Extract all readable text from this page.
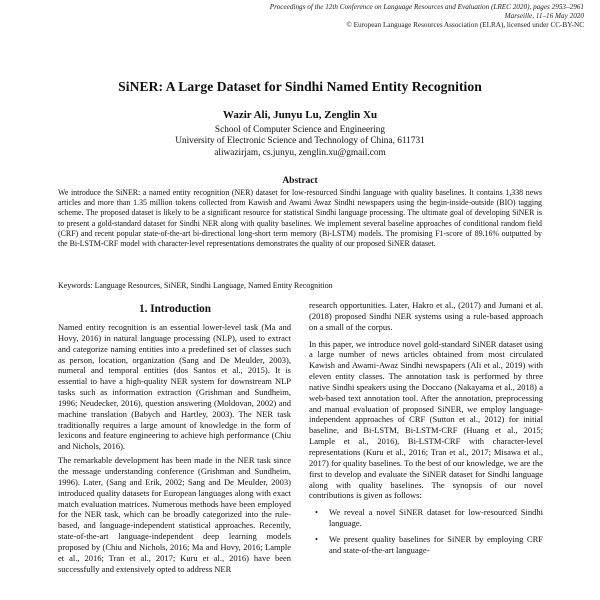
Proceedings of the 12th Conference on Language Resources and Evaluation (LREC 2020), pages 2953–2961
Marseille, 11–16 May 2020
© European Language Resources Association (ELRA), licensed under CC-BY-NC
SiNER: A Large Dataset for Sindhi Named Entity Recognition
Wazir Ali, Junyu Lu, Zenglin Xu
School of Computer Science and Engineering
University of Electronic Science and Technology of China, 611731
aliwazirjam, cs.junyu, zenglin.xu@gmail.com
Abstract
We introduce the SiNER: a named entity recognition (NER) dataset for low-resourced Sindhi language with quality baselines. It contains 1,338 news articles and more than 1.35 million tokens collected from Kawish and Awami Awaz Sindhi newspapers using the begin-inside-outside (BIO) tagging scheme. The proposed dataset is likely to be a significant resource for statistical Sindhi language processing. The ultimate goal of developing SiNER is to present a gold-standard dataset for Sindhi NER along with quality baselines. We implement several baseline approaches of conditional random field (CRF) and recent popular state-of-the-art bi-directional long-short term memory (Bi-LSTM) models. The promising F1-score of 89.16% outputted by the Bi-LSTM-CRF model with character-level representations demonstrates the quality of our proposed SiNER dataset.
Keywords: Language Resources, SiNER, Sindhi Language, Named Entity Recognition
1. Introduction

Named entity recognition is an essential lower-level task (Ma and Hovy, 2016) in natural language processing (NLP), used to extract and categorize naming entities into a predefined set of classes such as person, location, organization (Sang and De Meulder, 2003), numeral and temporal entities (dos Santos et al., 2015). It is essential to have a high-quality NER system for downstream NLP tasks such as information extraction (Grishman and Sundheim, 1996; Neudecker, 2016), question answering (Moldovan, 2002) and machine translation (Babych and Hartley, 2003). The NER task traditionally requires a large amount of knowledge in the form of lexicons and feature engineering to achieve high performance (Chiu and Nichols, 2016).

The remarkable development has been made in the NER task since the message understanding conference (Grishman and Sundheim, 1996). Later, (Sang and Erik, 2002; Sang and De Meulder, 2003) introduced quality datasets for European languages along with exact match evaluation matrices. Numerous methods have been employed for the NER task, which can be broadly categorized into the rule-based, and language-independent statistical approaches. Recently, state-of-the-art language-independent deep learning models proposed by (Chiu and Nichols, 2016; Ma and Hovy, 2016; Lample et al., 2016; Tran et al., 2017; Kuru et al., 2016) have been successfully and extensively opted to address NER

research opportunities. Later, Hakro et al., (2017) and Jumani et al. (2018) proposed Sindhi NER systems using a rule-based approach on a small of the corpus.

In this paper, we introduce novel gold-standard SiNER dataset using a large number of news articles obtained from most circulated Kawish and Awami-Awaz Sindhi newspapers (Ali et al., 2019) with eleven entity classes. The annotation task is performed by three native Sindhi speakers using the Doccano (Nakayama et al., 2018) a web-based text annotation tool. After the annotation, preprocessing and manual evaluation of proposed SiNER, we employ language-independent approaches of CRF (Sutton et al., 2012) for initial baseline, and Bi-LSTM, Bi-LSTM-CRF (Huang et al., 2015; Lample et al., 2016), Bi-LSTM-CRF with character-level representations (Kuru et al., 2016; Tran et al., 2017; Misawa et al., 2017) for quality baselines. To the best of our knowledge, we are the first to develop and evaluate the SiNER dataset for Sindhi language along with quality baselines. The synopsis of our novel contributions is given as follows:

• We reveal a novel SiNER dataset for low-resourced Sindhi language.
• We present quality baselines for SiNER by employing CRF and state-of-the-art language-
